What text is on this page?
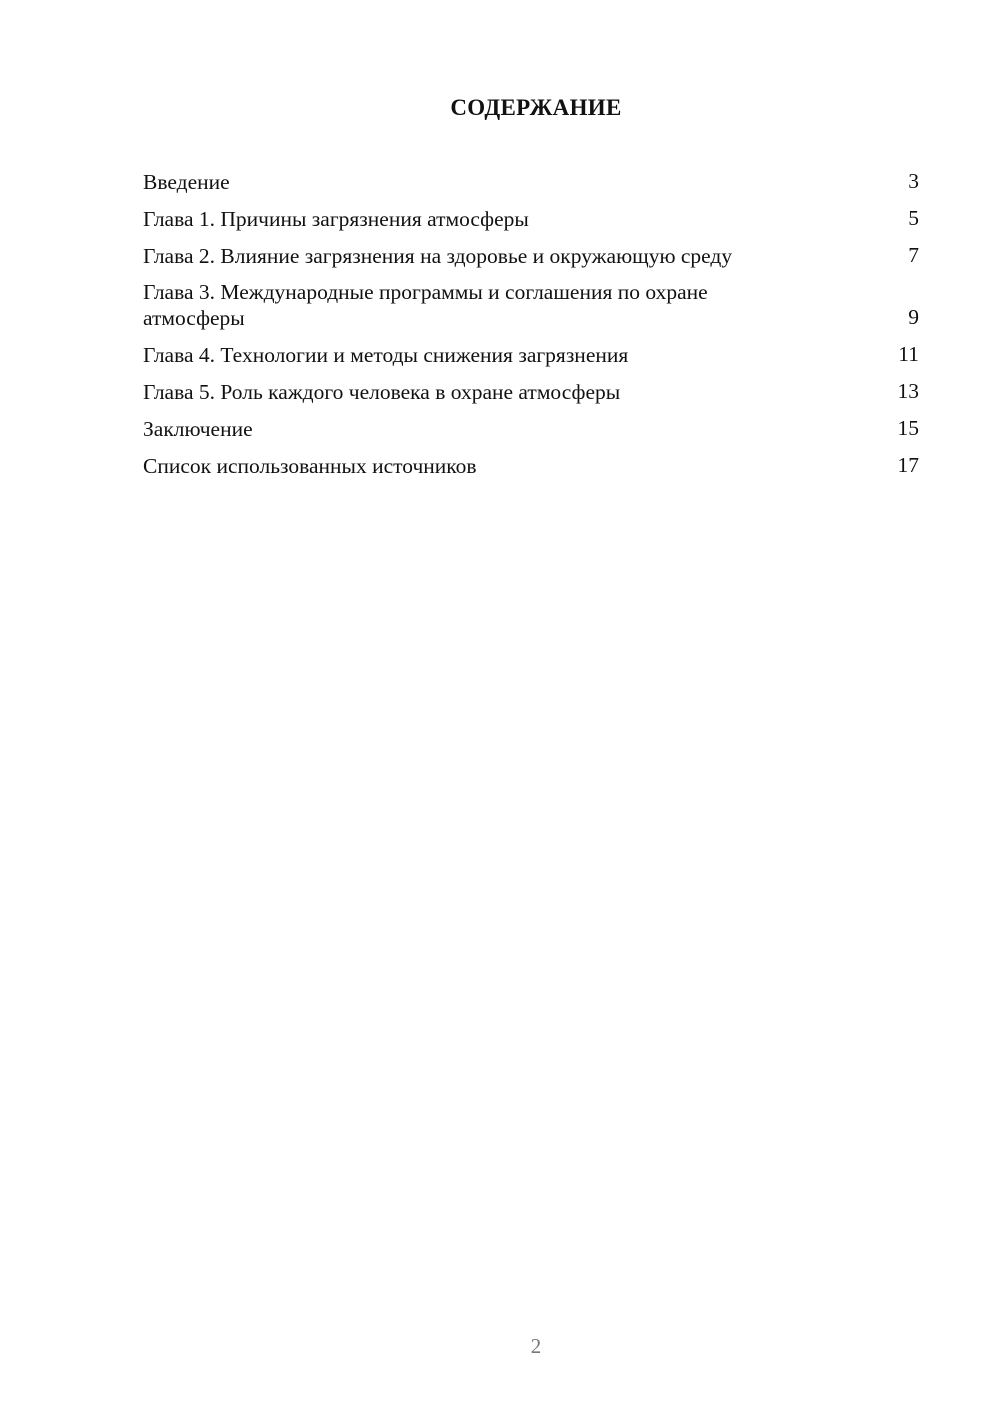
СОДЕРЖАНИЕ
Введение	3
Глава 1. Причины загрязнения атмосферы	5
Глава 2. Влияние загрязнения на здоровье и окружающую среду	7
Глава 3. Международные программы и соглашения по охране атмосферы	9
Глава 4. Технологии и методы снижения загрязнения	11
Глава 5. Роль каждого человека в охране атмосферы	13
Заключение	15
Список использованных источников	17
2
